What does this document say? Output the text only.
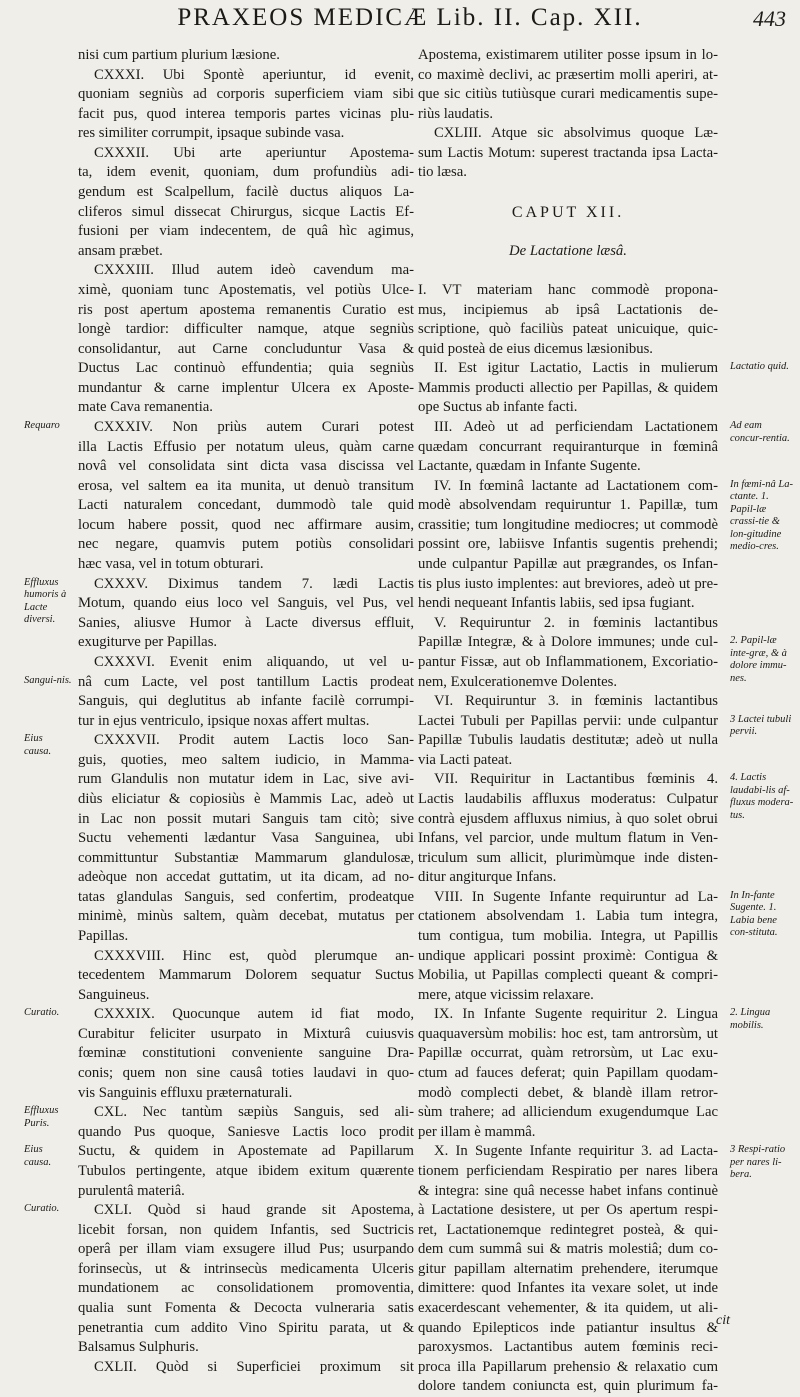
PRAXEOS MEDICÆ Lib. II. Cap. XII.	443
nisi cum partium plurium læsione.
CXXXI. Ubi Spontè aperiuntur, id evenit,
quoniam segniùs ad corporis superficiem viam sibi
facit pus, quod interea temporis partes vicinas plu-
res similiter corrumpit, ipsaque subinde vasa.
CXXXII. Ubi arte aperiuntur Apostema-
ta, idem evenit, quoniam, dum profundiùs adi-
gendum est Scalpellum, facilè ductus aliquos La-
cliferos simul dissecat Chirurgus, sicque Lactis Ef-
fusioni per viam indecentem, de quâ hìc agimus,
ansam præbet.
CXXXIII. Illud autem ideò cavendum ma-
ximè, quoniam tunc Apostematis, vel potiùs Ulce-
ris post apertum apostema remanentis Curatio est
longè tardior: difficulter namque, atque segniùs
consolidantur, aut Carne concluduntur Vasa &
Ductus Lac continuò effundentia; quia segniùs
mundantur & carne implentur Ulcera ex Aposte-
mate Cava remanentia.
CXXXIV. Non priùs autem Curari potest
illa Lactis Effusio per notatum uleus, quàm carne
novâ vel consolidata sint dicta vasa discissa vel
erosa, vel saltem ea ita munita, ut denuò transitum
Lacti naturalem concedant, dummodò tale quid
locum habere possit, quod nec affirmare ausim,
nec negare, quamvis putem potiùs consolidari
hæc vasa, vel in totum obturari.
CXXXV. Diximus tandem 7. lædi Lactis
Motum, quando eius loco vel Sanguis, vel Pus, vel
Sanies, aliusve Humor à Lacte diversus effluit,
exugiturve per Papillas.
CXXXVI. Evenit enim aliquando, ut vel u-
nâ cum Lacte, vel post tantillum Lactis prodeat
Sanguis, qui deglutitus ab infante facilè corrumpi-
tur in ejus ventriculo, ipsique noxas affert multas.
CXXXVII. Prodit autem Lactis loco San-
guis, quoties, meo saltem iudicio, in Mamma-
rum Glandulis non mutatur idem in Lac, sive avi-
diùs eliciatur & copiosiùs è Mammis Lac, adeò ut
in Lac non possit mutari Sanguis tam citò; sive
Suctu vehementi lædantur Vasa Sanguinea, ubi
committuntur Substantiæ Mammarum glandulosæ,
adeòque non accedat guttatim, ut ita dicam, ad no-
tatas glandulas Sanguis, sed confertim, prodeatque
minimè, minùs saltem, quàm decebat, mutatus per
Papillas.
CXXXVIII. Hinc est, quòd plerumque an-
tecedentem Mammarum Dolorem sequatur Suctus
Sanguineus.
CXXXIX. Quocunque autem id fiat modo,
Curabitur feliciter usurpato in Mixturâ cuiusvis
fœminæ constitutioni conveniente sanguine Dra-
conis; quem non sine causâ toties laudavi in quo-
vis Sanguinis effluxu præternaturali.
CXL. Nec tantùm sæpiùs Sanguis, sed ali-
quando Pus quoque, Saniesve Lactis loco prodit
Suctu, & quidem in Apostemate ad Papillarum
Tubulos pertingente, atque ibidem exitum quærente
purulentâ materiâ.
CXLI. Quòd si haud grande sit Apostema,
licebit forsan, non quidem Infantis, sed Suctricis
operâ per illam viam exsugere illud Pus; usurpando
forinsecùs, ut & intrinsecùs medicamenta Ulceris
mundationem ac consolidationem promoventia,
qualia sunt Fomenta & Decocta vulneraria satis
penetrantia cum addito Vino Spiritu parata, ut &
Balsamus Sulphuris.
CXLII. Quòd si Superficiei proximum sit
Apostema, existimarem utiliter posse ipsum in lo-
co maximè declivi, ac præsertim molli aperiri, at-
que sic citiùs tutiùsque curari medicamentis supe-
riùs laudatis.
CXLIII. Atque sic absolvimus quoque Læ-
sum Lactis Motum: superest tractanda ipsa Lacta-
tio læsa.
CAPUT XII.
De Lactatione læsâ.
I. VT materiam hanc commodè propona-
mus, incipiemus ab ipsâ Lactationis de-
scriptione, quò faciliùs pateat unicuique, quic-
quid posteà de eius dicemus læsionibus.
II. Est igitur Lactatio, Lactis in mulierum
Mammis producti allectio per Papillas, & quidem
ope Suctus ab infante facti.
III. Adeò ut ad perficiendam Lactationem
quædam concurrant requiranturque in fœminâ
Lactante, quædam in Infante Sugente.
IV. In fœminâ lactante ad Lactationem com-
modè absolvendam requiruntur 1. Papillæ, tum
crassitie; tum longitudine mediocres; ut commodè
possint ore, labiisve Infantis sugentis prehendi;
unde culpantur Papillæ aut prægrandes, os Infan-
tis plus iusto implentes: aut breviores, adeò ut pre-
hendi nequeant Infantis labiis, sed ipsa fugiant.
V. Requiruntur 2. in fœminis lactantibus
Papillæ Integræ, & à Dolore immunes; unde cul-
pantur Fissæ, aut ob Inflammationem, Excoriatio-
nem, Exulcerationemve Dolentes.
VI. Requiruntur 3. in fœminis lactantibus
Lactei Tubuli per Papillas pervii: unde culpantur
Papillæ Tubulis laudatis destitutæ; adeò ut nulla
via Lacti pateat.
VII. Requiritur in Lactantibus fœminis 4.
Lactis laudabilis affluxus moderatus: Culpatur
contrà ejusdem affluxus nimius, à quo solet obrui
Infans, vel parcior, unde multum flatum in Ven-
triculum sum allicit, plurimùmque inde disten-
ditur angiturque Infans.
VIII. In Sugente Infante requiruntur ad La-
ctationem absolvendam 1. Labia tum integra,
tum contigua, tum mobilia. Integra, ut Papillis
undique applicari possint proximè: Contigua &
Mobilia, ut Papillas complecti queant & compri-
mere, atque vicissim relaxare.
IX. In Infante Sugente requiritur 2. Lingua
quaquaversùm mobilis: hoc est, tam antrorsùm, ut
Papillæ occurrat, quàm retrorsùm, ut Lac exu-
ctum ad fauces deferat; quin Papillam quodam-
modò complecti debet, & blandè illam retror-
sùm trahere; ad alliciendum exugendumque Lac
per illam è mammâ.
X. In Sugente Infante requiritur 3. ad Lacta-
tionem perficiendam Respiratio per nares libera
& integra: sine quâ necesse habet infans continuè
à Lactatione desistere, ut per Os apertum respi-
ret, Lactationemque redintegret posteà, & qui-
dem cum summâ sui & matris molestiâ; dum co-
gitur papillam alternatim prehendere, iterumque
dimittere: quod Infantes ita vexare solet, ut inde
exacerdescant vehementer, & ita quidem, ut ali-
quando Epilepticos inde patiantur insultus &
paroxysmos. Lactantibus autem fœminis reci-
proca illa Papillarum prehensio & relaxatio cum
dolore tandem coniuncta est, quin plurimum fa-
Requaro
Effluxus humoris à Lacte diversi.
Sangui-nis.
Eius causa.
Curatio.
Effluxus Puris.
Eius causa.
Curatio.
Lactatio quid.
Ad eam concur-rentia.
In fœmi-nâ La-ctante. 1. Papil-læ crassi-tie & lon-gitudine medio-cres.
2. Papil-læ inte-græ, & à dolore immu-nes.
3 Lactei tubuli pervii.
4. Lactis laudabi-lis af-fluxus modera-tus.
In In-fante Sugente. 1. Labia bene con-stituta.
2. Lingua mobilis.
3 Respi-ratio per nares li-bera.
cit
